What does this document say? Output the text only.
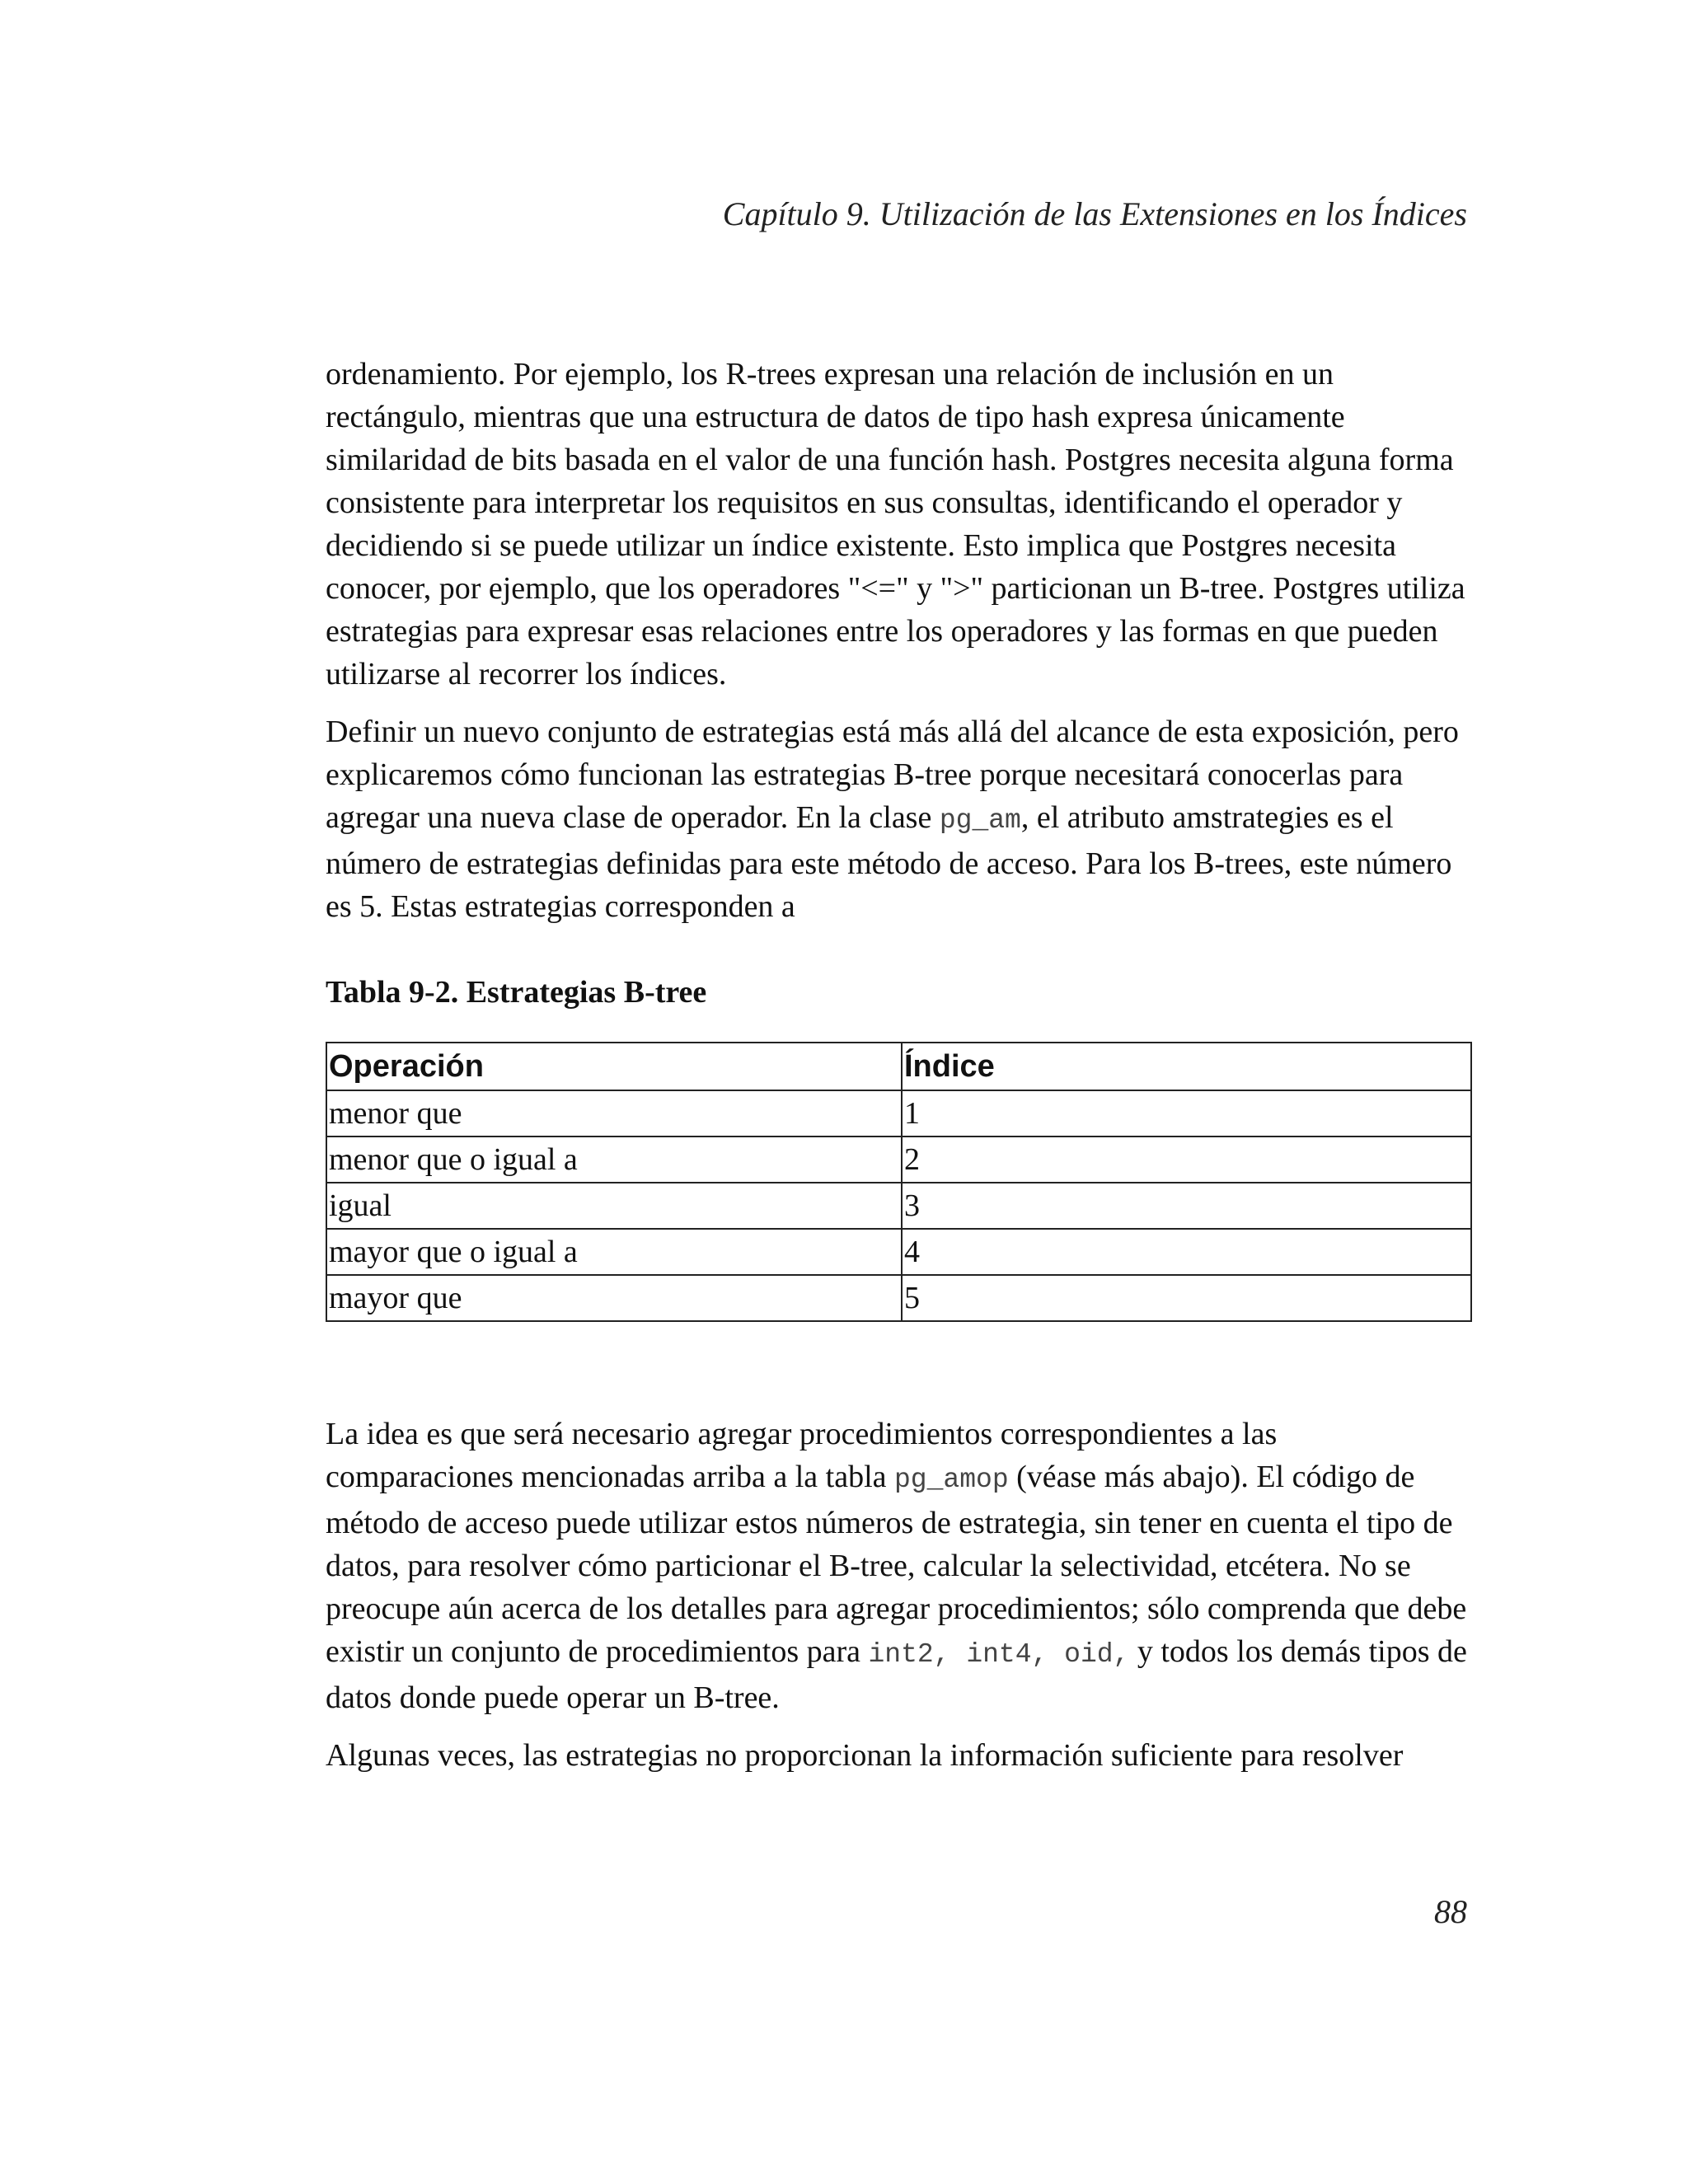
Capítulo 9. Utilización de las Extensiones en los Índices

ordenamiento. Por ejemplo, los R-trees expresan una relación de inclusión en un rectángulo, mientras que una estructura de datos de tipo hash expresa únicamente similaridad de bits basada en el valor de una función hash. Postgres necesita alguna forma consistente para interpretar los requisitos en sus consultas, identificando el operador y decidiendo si se puede utilizar un índice existente. Esto implica que Postgres necesita conocer, por ejemplo, que los operadores "<=" y ">" particionan un B-tree. Postgres utiliza estrategias para expresar esas relaciones entre los operadores y las formas en que pueden utilizarse al recorrer los índices.

Definir un nuevo conjunto de estrategias está más allá del alcance de esta exposición, pero explicaremos cómo funcionan las estrategias B-tree porque necesitará conocerlas para agregar una nueva clase de operador. En la clase pg_am, el atributo amstrategies es el número de estrategias definidas para este método de acceso. Para los B-trees, este número es 5. Estas estrategias corresponden a

Tabla 9-2. Estrategias B-tree
Operación	Índice
menor que	1
menor que o igual a	2
igual	3
mayor que o igual a	4
mayor que	5

La idea es que será necesario agregar procedimientos correspondientes a las comparaciones mencionadas arriba a la tabla pg_amop (véase más abajo). El código de método de acceso puede utilizar estos números de estrategia, sin tener en cuenta el tipo de datos, para resolver cómo particionar el B-tree, calcular la selectividad, etcétera. No se preocupe aún acerca de los detalles para agregar procedimientos; sólo comprenda que debe existir un conjunto de procedimientos para int2, int4, oid, y todos los demás tipos de datos donde puede operar un B-tree.

Algunas veces, las estrategias no proporcionan la información suficiente para resolver

88
